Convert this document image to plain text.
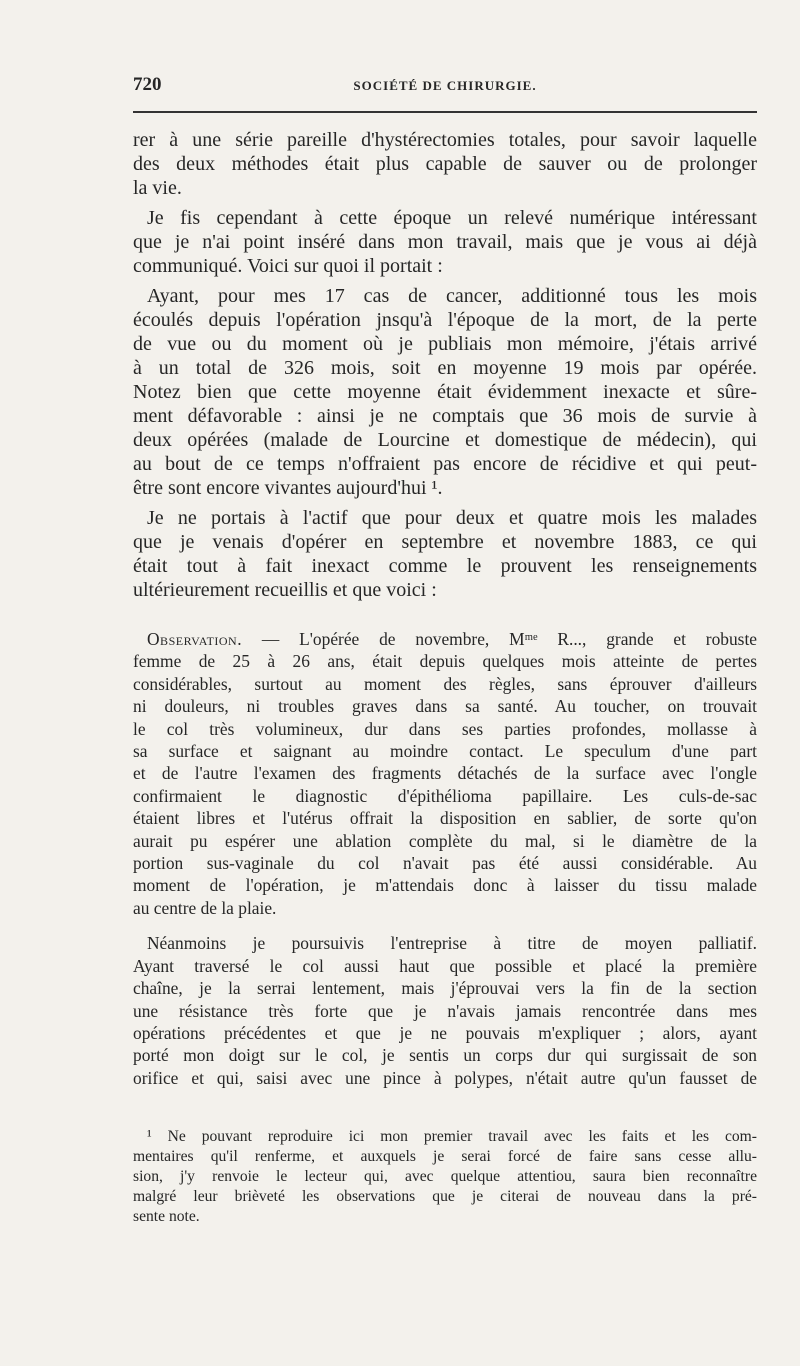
720	SOCIÉTÉ DE CHIRURGIE.
rer à une série pareille d'hystérectomies totales, pour savoir laquelle
des deux méthodes était plus capable de sauver ou de prolonger
la vie.
Je fis cependant à cette époque un relevé numérique intéressant
que je n'ai point inséré dans mon travail, mais que je vous ai déjà
communiqué. Voici sur quoi il portait :
Ayant, pour mes 17 cas de cancer, additionné tous les mois
écoulés depuis l'opération jnsqu'à l'époque de la mort, de la perte
de vue ou du moment où je publiais mon mémoire, j'étais arrivé
à un total de 326 mois, soit en moyenne 19 mois par opérée.
Notez bien que cette moyenne était évidemment inexacte et sûre-
ment défavorable : ainsi je ne comptais que 36 mois de survie à
deux opérées (malade de Lourcine et domestique de médecin), qui
au bout de ce temps n'offraient pas encore de récidive et qui peut-
être sont encore vivantes aujourd'hui ¹.
Je ne portais à l'actif que pour deux et quatre mois les malades
que je venais d'opérer en septembre et novembre 1883, ce qui
était tout à fait inexact comme le prouvent les renseignements
ultérieurement recueillis et que voici :
Observation. — L'opérée de novembre, Mᵐᵉ R..., grande et robuste
femme de 25 à 26 ans, était depuis quelques mois atteinte de pertes
considérables, surtout au moment des règles, sans éprouver d'ailleurs
ni douleurs, ni troubles graves dans sa santé. Au toucher, on trouvait
le col très volumineux, dur dans ses parties profondes, mollasse à
sa surface et saignant au moindre contact. Le speculum d'une part
et de l'autre l'examen des fragments détachés de la surface avec l'ongle
confirmaient le diagnostic d'épithélioma papillaire. Les culs-de-sac
étaient libres et l'utérus offrait la disposition en sablier, de sorte qu'on
aurait pu espérer une ablation complète du mal, si le diamètre de la
portion sus-vaginale du col n'avait pas été aussi considérable. Au
moment de l'opération, je m'attendais donc à laisser du tissu malade
au centre de la plaie.
Néanmoins je poursuivis l'entreprise à titre de moyen palliatif.
Ayant traversé le col aussi haut que possible et placé la première
chaîne, je la serrai lentement, mais j'éprouvai vers la fin de la section
une résistance très forte que je n'avais jamais rencontrée dans mes
opérations précédentes et que je ne pouvais m'expliquer ; alors, ayant
porté mon doigt sur le col, je sentis un corps dur qui surgissait de son
orifice et qui, saisi avec une pince à polypes, n'était autre qu'un fausset de
¹ Ne pouvant reproduire ici mon premier travail avec les faits et les com-
mentaires qu'il renferme, et auxquels je serai forcé de faire sans cesse allu-
sion, j'y renvoie le lecteur qui, avec quelque attentiou, saura bien reconnaître
malgré leur brièveté les observations que je citerai de nouveau dans la pré-
sente note.
